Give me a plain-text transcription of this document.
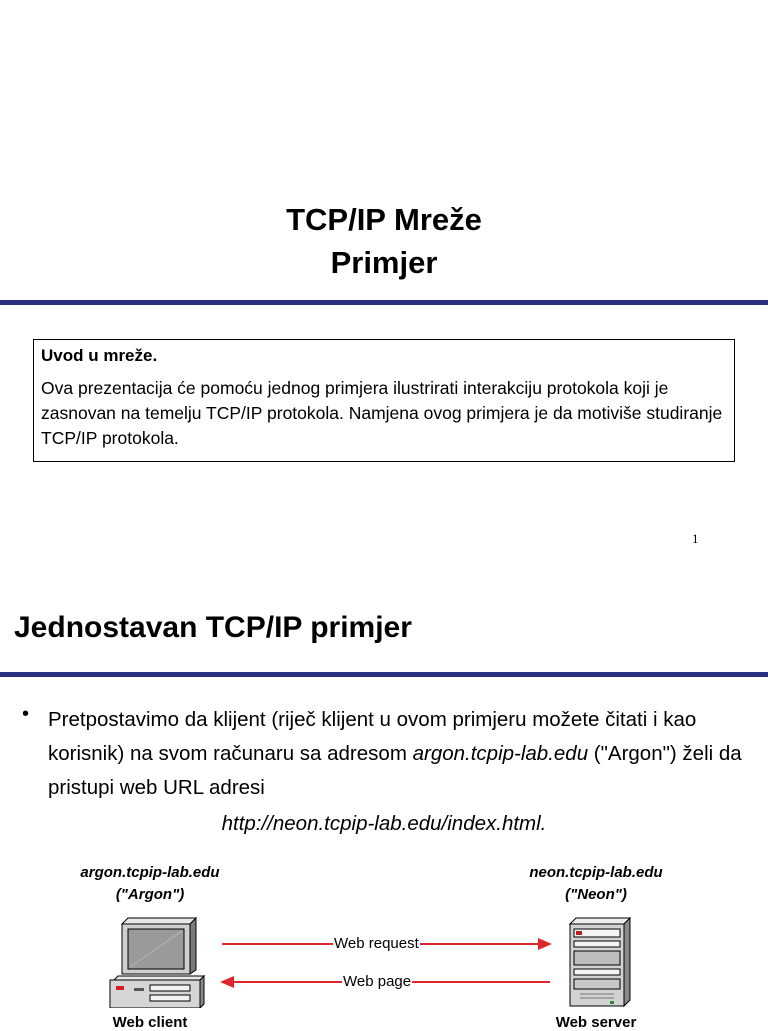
TCP/IP Mreže
Primjer

Uvod u mreže.

Ova prezentacija će pomoću jednog primjera ilustrirati interakciju protokola koji je zasnovan na temelju TCP/IP protokola. Namjena ovog primjera je da motiviše studiranje TCP/IP protokola.

1
Jednostavan TCP/IP primjer
• Pretpostavimo da klijent (riječ klijent u ovom primjeru možete čitati i kao korisnik) na svom računaru sa adresom argon.tcpip-lab.edu ("Argon") želi da pristupi web URL adresi
http://neon.tcpip-lab.edu/index.html.
argon.tcpip-lab.edu
("Argon")
neon.tcpip-lab.edu
("Neon")
Web request
Web page
Web client	Web server
